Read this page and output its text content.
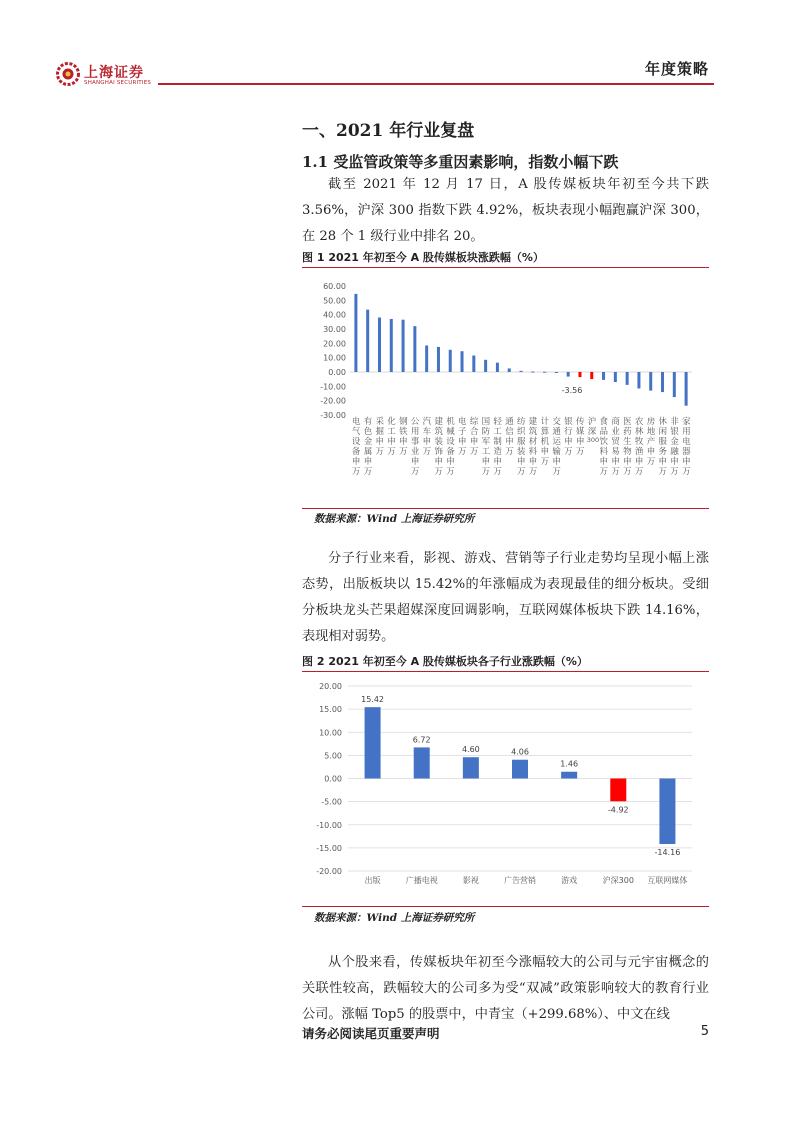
上海证券
SHANGHAI SECURITIES
年度策略
一、2021 年行业复盘
1.1 受监管政策等多重因素影响，指数小幅下跌
截至 2021 年 12 月 17 日，A 股传媒板块年初至今共下跌 3.56%，沪深 300 指数下跌 4.92%，板块表现小幅跑赢沪深 300，在 28 个 1 级行业中排名 20。
图 1 2021 年初至今 A 股传媒板块涨跌幅（%）
60.00
50.00
40.00
30.00
20.00
10.00
0.00
-10.00
-20.00
-30.00
电气设备申万
有色金属申万
采掘申万
化工申万
钢铁申万
公用事业申万
汽车申万
建筑装饰申万
机械设备申万
电子申万
综合申万
国防军工申万
轻工制造申万
通信申万
纺织服装申万
建筑材料申万
计算机申万
交通运输申万
银行申万
传媒申万
-3.56
沪深 300
食品饮料申万
商业贸易申万
医药生物申万
农林牧渔申万
房地产申万
休闲服务申万
非银金融申万
家用电器申万
数据来源：Wind 上海证券研究所
分子行业来看，影视、游戏、营销等子行业走势均呈现小幅上涨态势，出版板块以 15.42%的年涨幅成为表现最佳的细分板块。受细分板块龙头芒果超媒深度回调影响，互联网媒体板块下跌 14.16%，表现相对弱势。
图 2 2021 年初至今 A 股传媒板块各子行业涨跌幅（%）
20.00
15.00
10.00
5.00
0.00
-5.00
-10.00
-15.00
-20.00
15.42
出版
6.72
广播电视
4.60
影视
4.06
广告营销
1.46
游戏
-4.92
沪深300
-14.16
互联网媒体
数据来源：Wind 上海证券研究所
从个股来看，传媒板块年初至今涨幅较大的公司与元宇宙概念的关联性较高，跌幅较大的公司多为受“双减”政策影响较大的教育行业公司。涨幅 Top5 的股票中，中青宝（+299.68%）、中文在线
请务必阅读尾页重要声明	5
